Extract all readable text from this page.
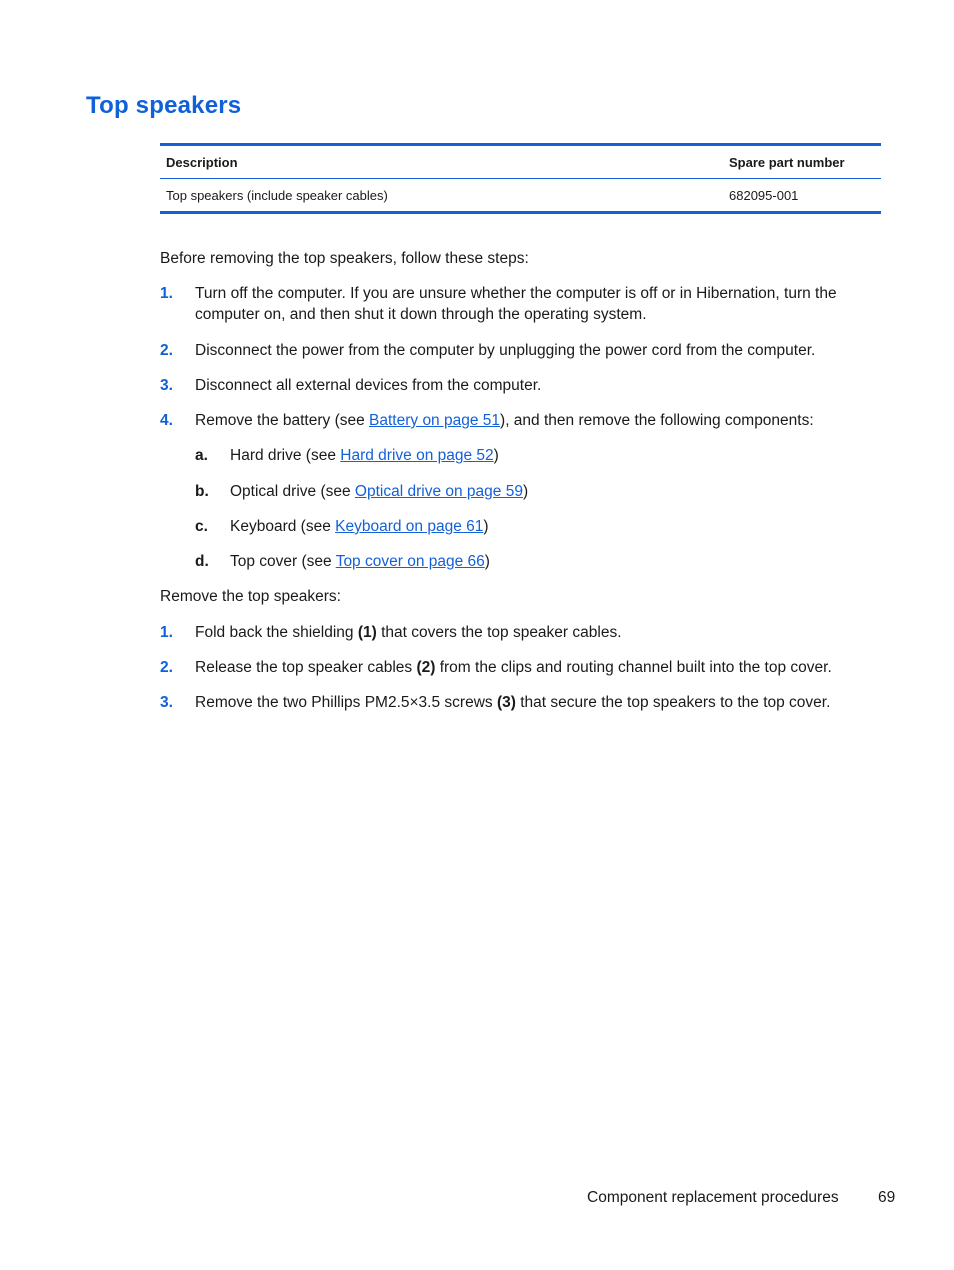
Top speakers
Description	Spare part number
Top speakers (include speaker cables)	682095-001

Before removing the top speakers, follow these steps:

1. Turn off the computer. If you are unsure whether the computer is off or in Hibernation, turn the computer on, and then shut it down through the operating system.
2. Disconnect the power from the computer by unplugging the power cord from the computer.
3. Disconnect all external devices from the computer.
4. Remove the battery (see Battery on page 51), and then remove the following components:
a. Hard drive (see Hard drive on page 52)
b. Optical drive (see Optical drive on page 59)
c. Keyboard (see Keyboard on page 61)
d. Top cover (see Top cover on page 66)

Remove the top speakers:

1. Fold back the shielding (1) that covers the top speaker cables.
2. Release the top speaker cables (2) from the clips and routing channel built into the top cover.
3. Remove the two Phillips PM2.5×3.5 screws (3) that secure the top speakers to the top cover.
Component replacement procedures	69
